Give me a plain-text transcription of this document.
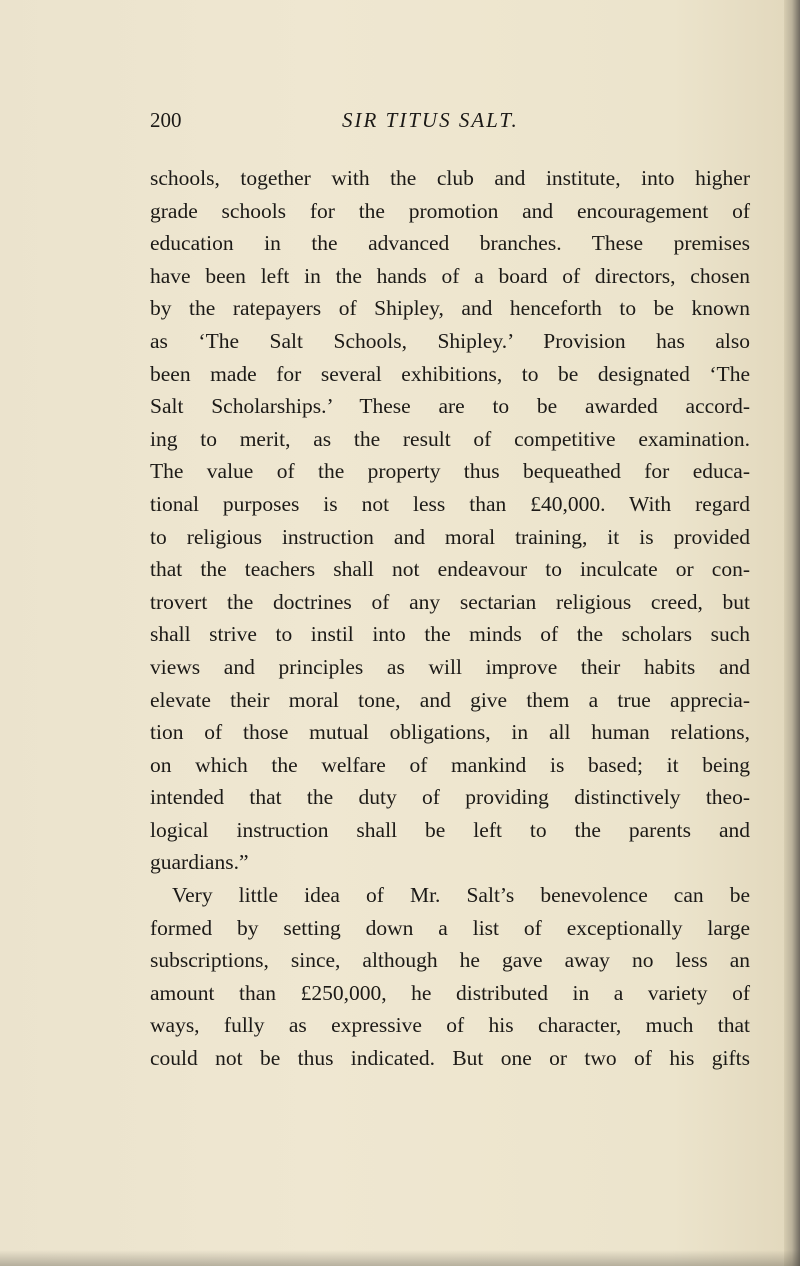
200	SIR TITUS SALT.
schools, together with the club and institute, into higher
grade schools for the promotion and encouragement of
education in the advanced branches. These premises
have been left in the hands of a board of directors, chosen
by the ratepayers of Shipley, and henceforth to be known
as ‘The Salt Schools, Shipley.’ Provision has also
been made for several exhibitions, to be designated ‘The
Salt Scholarships.’ These are to be awarded accord-
ing to merit, as the result of competitive examination.
The value of the property thus bequeathed for educa-
tional purposes is not less than £40,000. With regard
to religious instruction and moral training, it is provided
that the teachers shall not endeavour to inculcate or con-
trovert the doctrines of any sectarian religious creed, but
shall strive to instil into the minds of the scholars such
views and principles as will improve their habits and
elevate their moral tone, and give them a true apprecia-
tion of those mutual obligations, in all human relations,
on which the welfare of mankind is based; it being
intended that the duty of providing distinctively theo-
logical instruction shall be left to the parents and
guardians.”
Very little idea of Mr. Salt’s benevolence can be
formed by setting down a list of exceptionally large
subscriptions, since, although he gave away no less an
amount than £250,000, he distributed in a variety of
ways, fully as expressive of his character, much that
could not be thus indicated. But one or two of his gifts
